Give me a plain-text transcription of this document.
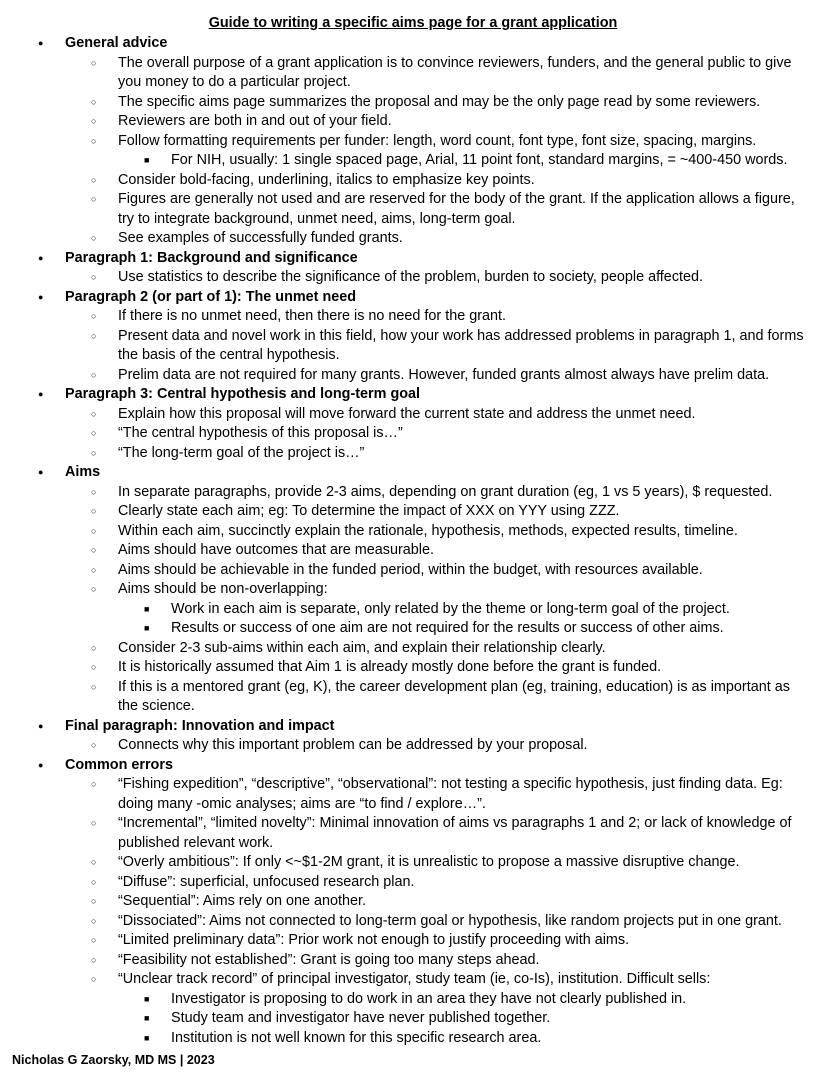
Guide to writing a specific aims page for a grant application
● General advice
○ The overall purpose of a grant application is to convince reviewers, funders, and the general public to give you money to do a particular project.
○ The specific aims page summarizes the proposal and may be the only page read by some reviewers.
○ Reviewers are both in and out of your field.
○ Follow formatting requirements per funder: length, word count, font type, font size, spacing, margins.
■ For NIH, usually: 1 single spaced page, Arial, 11 point font, standard margins, = ~400-450 words.
○ Consider bold-facing, underlining, italics to emphasize key points.
○ Figures are generally not used and are reserved for the body of the grant. If the application allows a figure, try to integrate background, unmet need, aims, long-term goal.
○ See examples of successfully funded grants.
● Paragraph 1: Background and significance
○ Use statistics to describe the significance of the problem, burden to society, people affected.
● Paragraph 2 (or part of 1): The unmet need
○ If there is no unmet need, then there is no need for the grant.
○ Present data and novel work in this field, how your work has addressed problems in paragraph 1, and forms the basis of the central hypothesis.
○ Prelim data are not required for many grants. However, funded grants almost always have prelim data.
● Paragraph 3: Central hypothesis and long-term goal
○ Explain how this proposal will move forward the current state and address the unmet need.
○ “The central hypothesis of this proposal is…”
○ “The long-term goal of the project is…”
● Aims
○ In separate paragraphs, provide 2-3 aims, depending on grant duration (eg, 1 vs 5 years), $ requested.
○ Clearly state each aim; eg: To determine the impact of XXX on YYY using ZZZ.
○ Within each aim, succinctly explain the rationale, hypothesis, methods, expected results, timeline.
○ Aims should have outcomes that are measurable.
○ Aims should be achievable in the funded period, within the budget, with resources available.
○ Aims should be non-overlapping:
■ Work in each aim is separate, only related by the theme or long-term goal of the project.
■ Results or success of one aim are not required for the results or success of other aims.
○ Consider 2-3 sub-aims within each aim, and explain their relationship clearly.
○ It is historically assumed that Aim 1 is already mostly done before the grant is funded.
○ If this is a mentored grant (eg, K), the career development plan (eg, training, education) is as important as the science.
● Final paragraph: Innovation and impact
○ Connects why this important problem can be addressed by your proposal.
● Common errors
○ “Fishing expedition”, “descriptive”, “observational”: not testing a specific hypothesis, just finding data. Eg: doing many -omic analyses; aims are “to find / explore…”.
○ “Incremental”, “limited novelty”: Minimal innovation of aims vs paragraphs 1 and 2; or lack of knowledge of published relevant work.
○ “Overly ambitious”: If only <~$1-2M grant, it is unrealistic to propose a massive disruptive change.
○ “Diffuse”: superficial, unfocused research plan.
○ “Sequential”: Aims rely on one another.
○ “Dissociated”: Aims not connected to long-term goal or hypothesis, like random projects put in one grant.
○ “Limited preliminary data”: Prior work not enough to justify proceeding with aims.
○ “Feasibility not established”: Grant is going too many steps ahead.
○ “Unclear track record” of principal investigator, study team (ie, co-Is), institution. Difficult sells:
■ Investigator is proposing to do work in an area they have not clearly published in.
■ Study team and investigator have never published together.
■ Institution is not well known for this specific research area.
Nicholas G Zaorsky, MD MS | 2023
